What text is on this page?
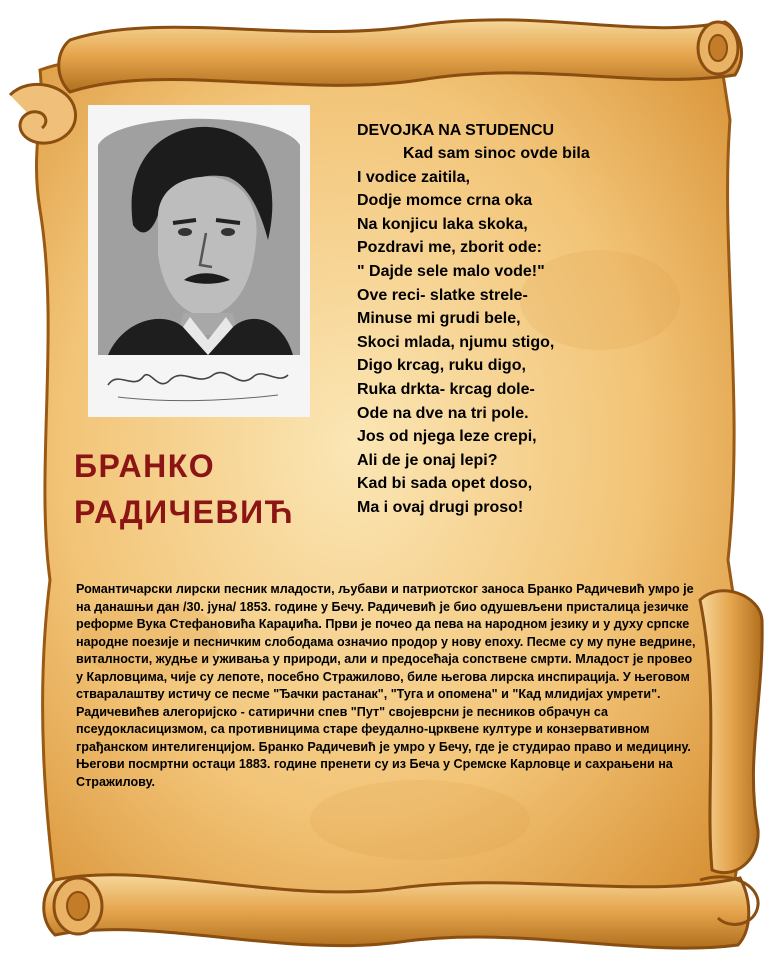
DEVOJKA NA STUDENCU

Kad sam sinoc ovde bila
I vodice zaitila,
Dodje momce crna oka
Na konjicu laka skoka,
Pozdravi me, zborit ode:
" Dajde sele malo vode!"
Ove reci- slatke strele-
Minuse mi grudi bele,
Skoci mlada, njumu stigo,
Digo krcag, ruku digo,
Ruka drkta- krcag dole-
Ode na dve na tri pole.
Jos od njega leze crepi,
Ali de je onaj lepi?
Kad bi sada opet doso,
Ma i ovaj drugi proso!
БРАНКО
РАДИЧЕВИЋ

Романтичарски лирски песник младости, љубави и патриотског заноса Бранко Радичевић умро је на данашњи дан /30. јуна/ 1853. године у Бечу. Радичевић је био одушевљени присталица језичке реформе Вука Стефановића Караџића. Први је почео да пева на народном језику и у духу српске народне поезије и песничким слободама означио продор у нову епоху. Песме су му пуне ведрине, виталности, жудње и уживања у природи, али и предосећаја сопствене смрти. Младост је провео у Карловцима, чије су лепоте, посебно Стражилово, биле његова лирска инспирација. У његовом стваралаштву истичу се песме "Ђачки растанак", "Туга и опомена" и "Кад млидијах умрети". Радичевићев алегоријско - сатирични спев "Пут" својеврсни је песников обрачун са псеудокласицизмом, са противницима старе феудално-црквене културе и конзервативном грађанском интелигенцијом. Бранко Радичевић је умро у Бечу, где је студирао право и медицину. Његови посмртни остаци 1883. године пренети су из Беча у Сремске Карловце и сахрањени на Стражилову.
